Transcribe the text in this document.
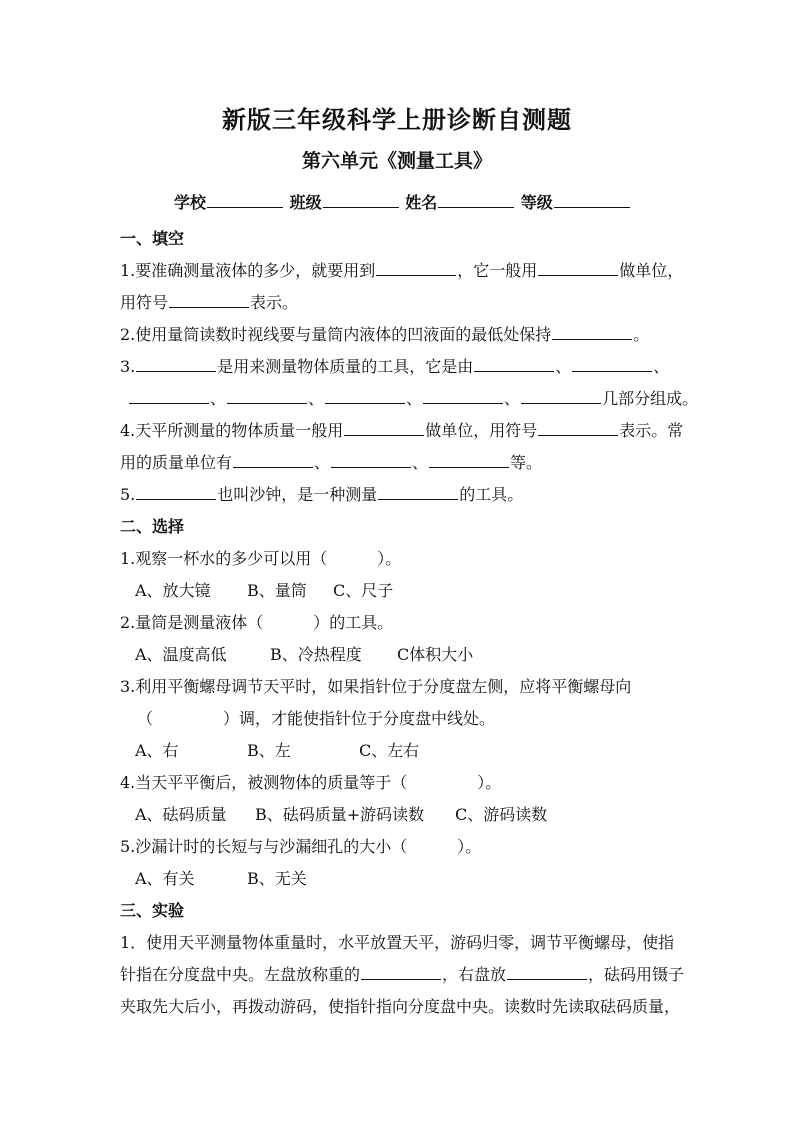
新版三年级科学上册诊断自测题
第六单元《测量工具》
学校	班级	姓名	等级
一、填空
1.要准确测量液体的多少，就要用到	，它一般用	做单位，
用符号	表示。
2.使用量筒读数时视线要与量筒内液体的凹液面的最低处保持	。
3.	是用来测量物体质量的工具，它是由	、	、
、	、	、	、	几部分组成。
4.天平所测量的物体质量一般用	做单位，用符号	表示。常
用的质量单位有	、	、	等。
5.	也叫沙钟，是一种测量	的工具。
二、选择
1.观察一杯水的多少可以用（	）。
A、放大镜 B、量筒 C、尺子
2.量筒是测量液体（	）的工具。
A、温度高低	B、冷热程度 C体积大小
3.利用平衡螺母调节天平时，如果指针位于分度盘左侧，应将平衡螺母向
（	）调，才能使指针位于分度盘中线处。
A、右	B、左	C、左右
4.当天平平衡后，被测物体的质量等于（	）。
A、砝码质量 B、砝码质量+游码读数 C、游码读数
5.沙漏计时的长短与与沙漏细孔的大小（	）。
A、有关	B、无关
三、实验
1．使用天平测量物体重量时，水平放置天平，游码归零，调节平衡螺母，使指
针指在分度盘中央。左盘放称重的	，右盘放	，砝码用镊子
夹取先大后小，再拨动游码，使指针指向分度盘中央。读数时先读取砝码质量，
